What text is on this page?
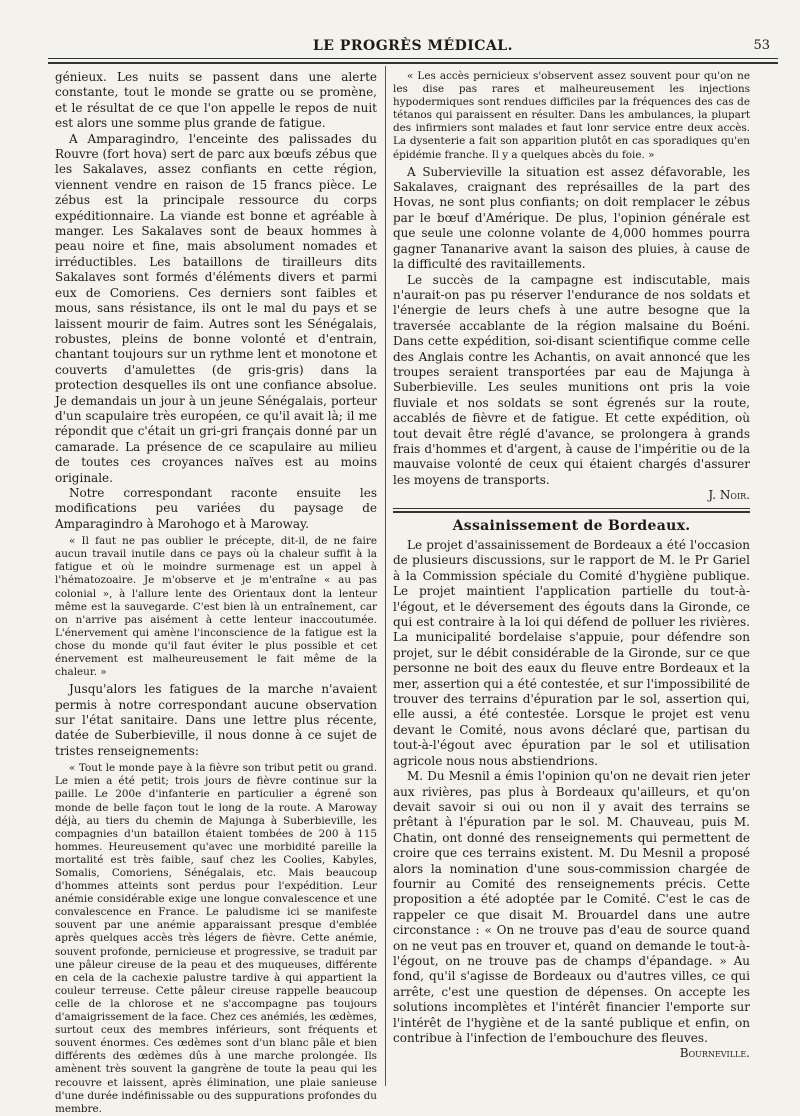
LE PROGRÈS MÉDICAL.	53

génieux. Les nuits se passent dans une alerte constante, tout le monde se gratte ou se promène, et le résultat de ce que l'on appelle le repos de nuit est alors une somme plus grande de fatigue.

A Amparagindro, l'enceinte des palissades du Rouvre (fort hova) sert de parc aux bœufs zébus que les Sakalaves, assez confiants en cette région, viennent vendre en raison de 15 francs pièce. Le zébus est la principale ressource du corps expéditionnaire. La viande est bonne et agréable à manger. Les Sakalaves sont de beaux hommes à peau noire et fine, mais absolument nomades et irréductibles. Les bataillons de tirailleurs dits Sakalaves sont formés d'éléments divers et parmi eux de Comoriens. Ces derniers sont faibles et mous, sans résistance, ils ont le mal du pays et se laissent mourir de faim. Autres sont les Sénégalais, robustes, pleins de bonne volonté et d'entrain, chantant toujours sur un rythme lent et monotone et couverts d'amulettes (de gris-gris) dans la protection desquelles ils ont une confiance absolue. Je demandais un jour à un jeune Sénégalais, porteur d'un scapulaire très européen, ce qu'il avait là; il me répondit que c'était un gri-gri français donné par un camarade. La présence de ce scapulaire au milieu de toutes ces croyances naïves est au moins originale.

Notre correspondant raconte ensuite les modifications peu variées du paysage de Amparagindro à Marohogo et à Maroway.

« Il faut ne pas oublier le précepte, dit-il, de ne faire aucun travail inutile dans ce pays où la chaleur suffit à la fatigue et où le moindre surmenage est un appel à l'hématozoaire. Je m'observe et je m'entraîne « au pas colonial », à l'allure lente des Orientaux dont la lenteur même est la sauvegarde. C'est bien là un entraînement, car on n'arrive pas aisément à cette lenteur inaccoutumée. L'énervement qui amène l'inconscience de la fatigue est la chose du monde qu'il faut éviter le plus possible et cet énervement est malheureusement le fait même de la chaleur. »

Jusqu'alors les fatigues de la marche n'avaient permis à notre correspondant aucune observation sur l'état sanitaire. Dans une lettre plus récente, datée de Suberbieville, il nous donne à ce sujet de tristes renseignements:

« Tout le monde paye à la fièvre son tribut petit ou grand. Le mien a été petit; trois jours de fièvre continue sur la paille. Le 200e d'infanterie en particulier a égrené son monde de belle façon tout le long de la route. A Maroway déjà, au tiers du chemin de Majunga à Suberbieville, les compagnies d'un bataillon étaient tombées de 200 à 115 hommes. Heureusement qu'avec une morbidité pareille la mortalité est très faible, sauf chez les Coolies, Kabyles, Somalis, Comoriens, Sénégalais, etc. Mais beaucoup d'hommes atteints sont perdus pour l'expédition. Leur anémie considérable exige une longue convalescence et une convalescence en France. Le paludisme ici se manifeste souvent par une anémie apparaissant presque d'emblée après quelques accès très légers de fièvre. Cette anémie, souvent profonde, pernicieuse et progressive, se traduit par une pâleur cireuse de la peau et des muqueuses, différente en cela de la cachexie palustre tardive à qui appartient la couleur terreuse. Cette pâleur cireuse rappelle beaucoup celle de la chlorose et ne s'accompagne pas toujours d'amaigrissement de la face. Chez ces anémiés, les œdèmes, surtout ceux des membres inférieurs, sont fréquents et souvent énormes. Ces œdèmes sont d'un blanc pâle et bien différents des œdèmes dûs à une marche prolongée. Ils amènent très souvent la gangrène de toute la peau qui les recouvre et laissent, après élimination, une plaie sanieuse d'une durée indéfinissable ou des suppurations profondes du membre.

« Les accès pernicieux s'observent assez souvent pour qu'on ne les dise pas rares et malheureusement les injections hypodermiques sont rendues difficiles par la fréquences des cas de tétanos qui paraissent en résulter. Dans les ambulances, la plupart des infirmiers sont malades et faut lonr service entre deux accès. La dysenterie a fait son apparition plutôt en cas sporadiques qu'en épidémie franche. Il y a quelques abcès du foie. »

A Subervieville la situation est assez défavorable, les Sakalaves, craignant des représailles de la part des Hovas, ne sont plus confiants; on doit remplacer le zébus par le bœuf d'Amérique. De plus, l'opinion générale est que seule une colonne volante de 4,000 hommes pourra gagner Tananarive avant la saison des pluies, à cause de la difficulté des ravitaillements.

Le succès de la campagne est indiscutable, mais n'aurait-on pas pu réserver l'endurance de nos soldats et l'énergie de leurs chefs à une autre besogne que la traversée accablante de la région malsaine du Boéni. Dans cette expédition, soi-disant scientifique comme celle des Anglais contre les Achantis, on avait annoncé que les troupes seraient transportées par eau de Majunga à Suberbieville. Les seules munitions ont pris la voie fluviale et nos soldats se sont égrenés sur la route, accablés de fièvre et de fatigue. Et cette expédition, où tout devait être réglé d'avance, se prolongera à grands frais d'hommes et d'argent, à cause de l'impéritie ou de la mauvaise volonté de ceux qui étaient chargés d'assurer les moyens de transports.

J. Noir.
Assainissement de Bordeaux.

Le projet d'assainissement de Bordeaux a été l'occasion de plusieurs discussions, sur le rapport de M. le Pr Gariel à la Commission spéciale du Comité d'hygiène publique. Le projet maintient l'application partielle du tout-à-l'égout, et le déversement des égouts dans la Gironde, ce qui est contraire à la loi qui défend de polluer les rivières. La municipalité bordelaise s'appuie, pour défendre son projet, sur le débit considérable de la Gironde, sur ce que personne ne boit des eaux du fleuve entre Bordeaux et la mer, assertion qui a été contestée, et sur l'impossibilité de trouver des terrains d'épuration par le sol, assertion qui, elle aussi, a été contestée. Lorsque le projet est venu devant le Comité, nous avons déclaré que, partisan du tout-à-l'égout avec épuration par le sol et utilisation agricole nous nous abstiendrions.

M. Du Mesnil a émis l'opinion qu'on ne devait rien jeter aux rivières, pas plus à Bordeaux qu'ailleurs, et qu'on devait savoir si oui ou non il y avait des terrains se prêtant à l'épuration par le sol. M. Chauveau, puis M. Chatin, ont donné des renseignements qui permettent de croire que ces terrains existent. M. Du Mesnil a proposé alors la nomination d'une sous-commission chargée de fournir au Comité des renseignements précis. Cette proposition a été adoptée par le Comité. C'est le cas de rappeler ce que disait M. Brouardel dans une autre circonstance : « On ne trouve pas d'eau de source quand on ne veut pas en trouver et, quand on demande le tout-à-l'égout, on ne trouve pas de champs d'épandage. » Au fond, qu'il s'agisse de Bordeaux ou d'autres villes, ce qui arrête, c'est une question de dépenses. On accepte les solutions incomplètes et l'intérêt financier l'emporte sur l'intérêt de l'hygiène et de la santé publique et enfin, on contribue à l'infection de l'embouchure des fleuves.

Bourneville.
